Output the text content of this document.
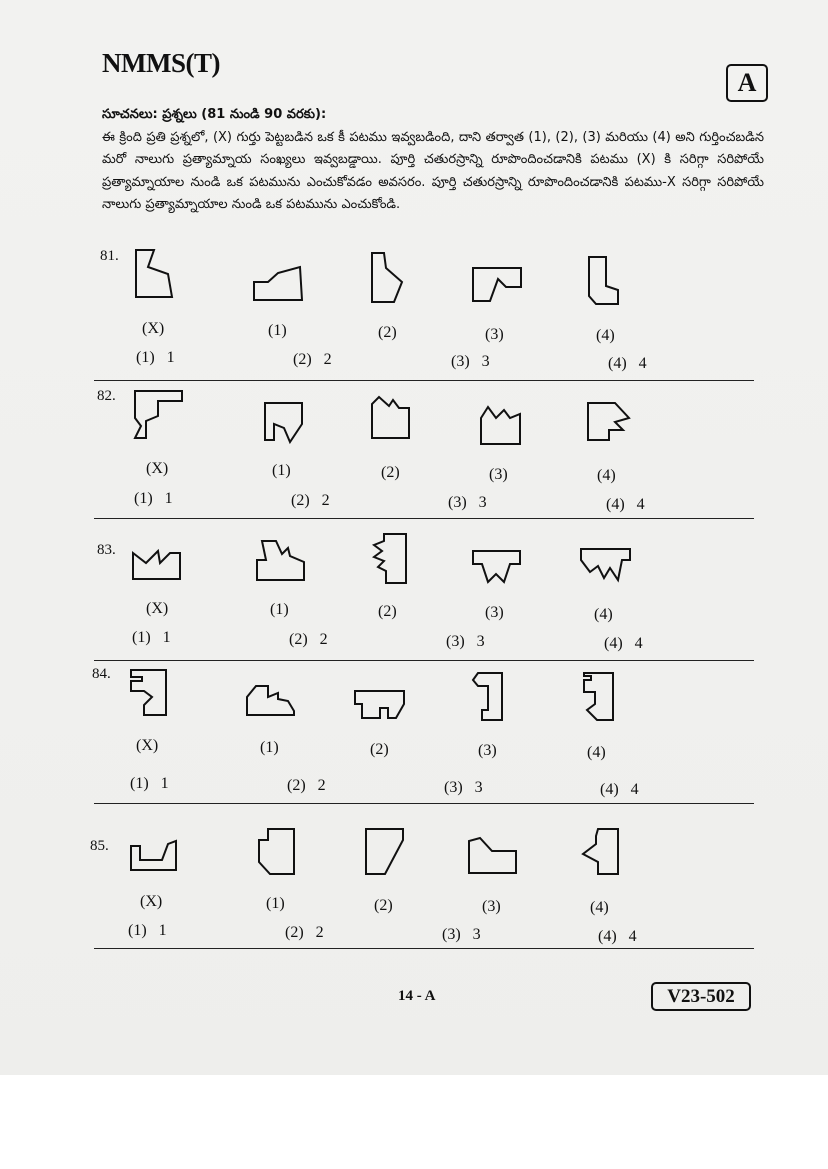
NMMS(T)
A
సూచనలు: ప్రశ్నలు (81 నుండి 90 వరకు):
ఈ క్రింది ప్రతి ప్రశ్నలో, (X) గుర్తు పెట్టబడిన ఒక కీ పటము ఇవ్వబడింది, దాని తర్వాత (1), (2), (3) మరియు (4) అని గుర్తించబడిన మరో నాలుగు ప్రత్యామ్నాయ సంఖ్యలు ఇవ్వబడ్డాయి. పూర్తి చతురస్రాన్ని రూపొందించడానికి పటము (X) కి సరిగ్గా సరిపోయే ప్రత్యామ్నాయాల నుండి ఒక పటమును ఎంచుకోవడం అవసరం. పూర్తి చతురస్రాన్ని రూపొందించడానికి పటము-X సరిగ్గా సరిపోయే నాలుగు ప్రత్యామ్నాయాల నుండి ఒక పటమును ఎంచుకోండి.
81.
(X)	(1)	(2)	(3)	(4)
(1) 1	(2) 2	(3) 3	(4) 4
82.
(X)	(1)	(2)	(3)	(4)
(1) 1	(2) 2	(3) 3	(4) 4
83.
(X)	(1)	(2)	(3)	(4)
(1) 1	(2) 2	(3) 3	(4) 4
84.
(X)	(1)	(2)	(3)	(4)
(1) 1	(2) 2	(3) 3	(4) 4
85.
(X)	(1)	(2)	(3)	(4)
(1) 1	(2) 2	(3) 3	(4) 4
14 - A	V23-502
